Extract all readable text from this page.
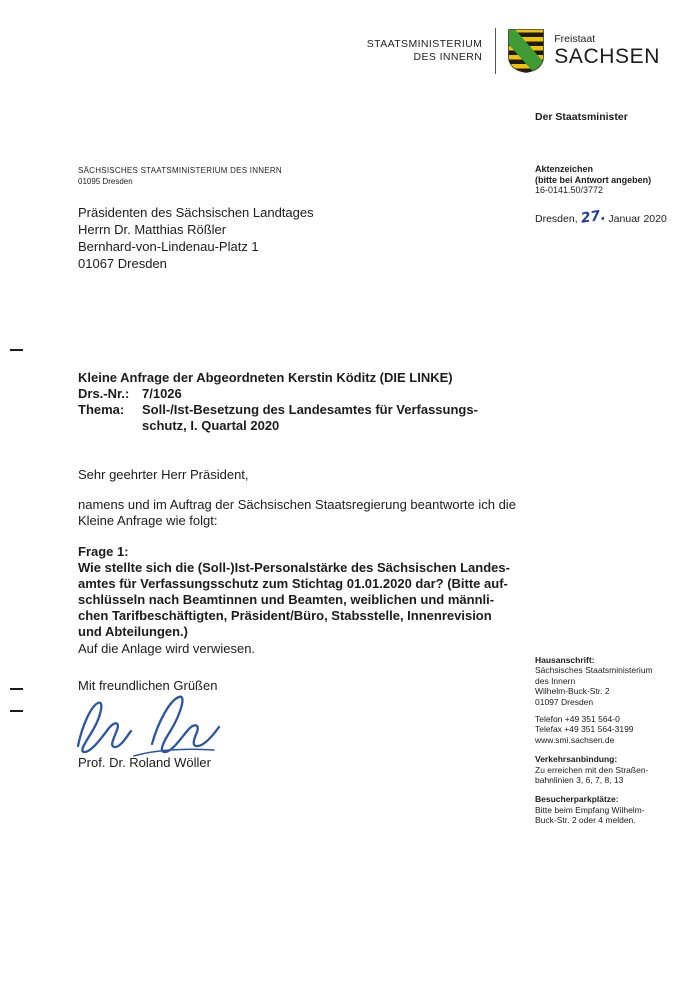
STAATSMINISTERIUM
DES INNERN
Freistaat
SACHSEN
Der Staatsminister
SÄCHSISCHES STAATSMINISTERIUM DES INNERN
01095 Dresden
Aktenzeichen
(bitte bei Antwort angeben)
16-0141.50/3772
Präsidenten des Sächsischen Landtages
Herrn Dr. Matthias Rößler
Bernhard-von-Lindenau-Platz 1
01067 Dresden
Dresden, 27. Januar 2020
Kleine Anfrage der Abgeordneten Kerstin Köditz (DIE LINKE)
Drs.-Nr.: 7/1026
Thema:	Soll-/Ist-Besetzung des Landesamtes für Verfassungs-
schutz, I. Quartal 2020
Sehr geehrter Herr Präsident,
namens und im Auftrag der Sächsischen Staatsregierung beantworte ich die
Kleine Anfrage wie folgt:
Frage 1:
Wie stellte sich die (Soll-)Ist-Personalstärke des Sächsischen Landes-
amtes für Verfassungsschutz zum Stichtag 01.01.2020 dar? (Bitte auf-
schlüsseln nach Beamtinnen und Beamten, weiblichen und männli-
chen Tarifbeschäftigten, Präsident/Büro, Stabsstelle, Innenrevision
und Abteilungen.)
Auf die Anlage wird verwiesen.
Mit freundlichen Grüßen
Prof. Dr. Roland Wöller
Hausanschrift:
Sächsisches Staatsministerium
des Innern
Wilhelm-Buck-Str. 2
01097 Dresden
Telefon +49 351 564-0
Telefax +49 351 564-3199
www.smi.sachsen.de
Verkehrsanbindung:
Zu erreichen mit den Straßen-
bahnlinien 3, 6, 7, 8, 13
Besucherparkplätze:
Bitte beim Empfang Wilhelm-
Buck-Str. 2 oder 4 melden.
